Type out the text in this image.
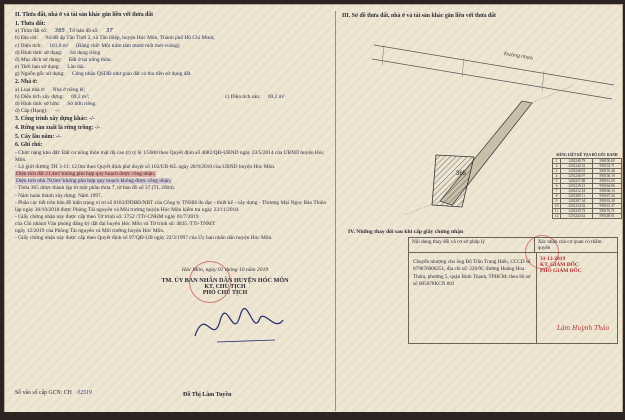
II. Thửa đất, nhà ở và tài sản khác gắn liền với thửa đất
1. Thửa đất:
a) Thửa đất số: 365 , Tờ bản đồ số: 37
b) Địa chỉ: 94/4B ấp Tân Thới 2, xã Tân Hiệp, huyện Hóc Môn, Thành phố Hồ Chí Minh;
c) Diện tích: 181,0 m² (Bằng chữ: Một trăm tám mươi mốt mét vuông)
d) Hình thức sử dụng: Sử dụng riêng
đ) Mục đích sử dụng: Đất ở tại nông thôn.
e) Thời hạn sử dụng: Lâu dài.
g) Nguồn gốc sử dụng: Công nhận QSDĐ như giao đất có thu tiền sử dụng đất.
2. Nhà ở:
a) Loại nhà ở: Nhà ở riêng lẻ;
b) Diện tích xây dựng: 69,2 m²;	c) Diện tích sàn: 69,2 m²
d) Hình thức sở hữu: Sở hữu riêng.
đ) Cấp (Hạng): -/-
3. Công trình xây dựng khác: -/-
4. Rừng sản xuất là rừng trồng: -/-
5. Cây lâu năm: -/-
6. Ghi chú:
- Chức năng khu đất: Đất cư nông thôn mật độ cao (t) tỷ lệ 1/5000 theo Quyết định số 4082/QĐ-UBND ngày 23/5/2014 của UBND huyện Hóc Môn.
- Lộ giới đường TH 3-11: 12,0m theo Quyết định phê duyệt số 162/UB-KL ngày 28/9/2010 của UBND huyện Hóc Môn.
Diện tích đất 21,4m² không phù hợp quy hoạch được công nhận.
Diện tích nhà 78,6m² không phù hợp quy hoạch không được công nhận.
- Thửa 365 được thành lập từ một phần thửa 7, tờ bản đồ số 37 (TL 2004).
- Năm hoàn thành xây dựng: Năm 1997.
- Phần các tiết trên bản đồ hiện trạng vị trí số 0183/DDBĐ/NBT của Công ty TNHH đo đạc - thiết kế - xây dựng - Thương Mại Ngọc Bảo Thiên lập ngày 30/10/2018 được Phòng Tài nguyên và Môi trường huyện Hóc Môn kiểm tra ngày 23/11/2018.
- Giấy chứng nhận này được cấp theo Tờ trình số: 3752 /TTr-CNHM ngày 01/7/2019
của Chi nhánh Văn phòng đăng ký đất đai huyện Hóc Môn và Tờ trình số: 4835 /TTr-TNMT
ngày 12/2019 của Phòng Tài nguyên và Môi trường huyện Hóc Môn.
- Giấy chứng nhận này được cấp theo Quyết định số 97/QĐ-UB ngày 22/3/1997 của Ủy ban nhân dân huyện Hóc Môn.
Hóc Môn, ngày 01 tháng 10 năm 2019
TM. ỦY BAN NHÂN DÂN HUYỆN HÓC MÔN
KT. CHỦ TỊCH
PHÓ CHỦ TỊCH
Đỗ Thị Lâm Tuyền
Số vào sổ cấp GCN: CH 02519
III. Sơ đồ thửa đất, nhà ở và tài sản khác gắn liền với thửa đất
Đường nhựa
365
BẢNG LIỆT KÊ TỌA ĐỘ GÓC RANH
1	1201248.79	590150.65
2	1201244.32	590152.71
3	1201240.91	590155.46
4	1201236.97	590156.19
5	1201227.08	590161.55
6	1201219.12	590164.06
7	1201212.54	590166.13
8	1201209.11	590167.26
9	1201207.34	590163.20
10	1201214.02	590161.47
11	1201229.73	590155.71
12	1201244.62	590148.01
IV. Những thay đổi sau khi cấp giấy chứng nhận
Nội dung thay đổi và cơ sở pháp lý	Xác nhận của cơ quan có thẩm quyền
Chuyển nhượng cho ông Đỗ Trần Trung Hiếu, CCCD số 079076006251, địa chỉ số: 226/9C đường Hoàng Hoa Thám, phường 5, quận Bình Thạnh, TPHCM; theo hồ sơ số 005078KCN.001
31-12-2019
KT. GIÁM ĐỐC
PHÓ GIÁM ĐỐC
Lâm Huỳnh Thảo
